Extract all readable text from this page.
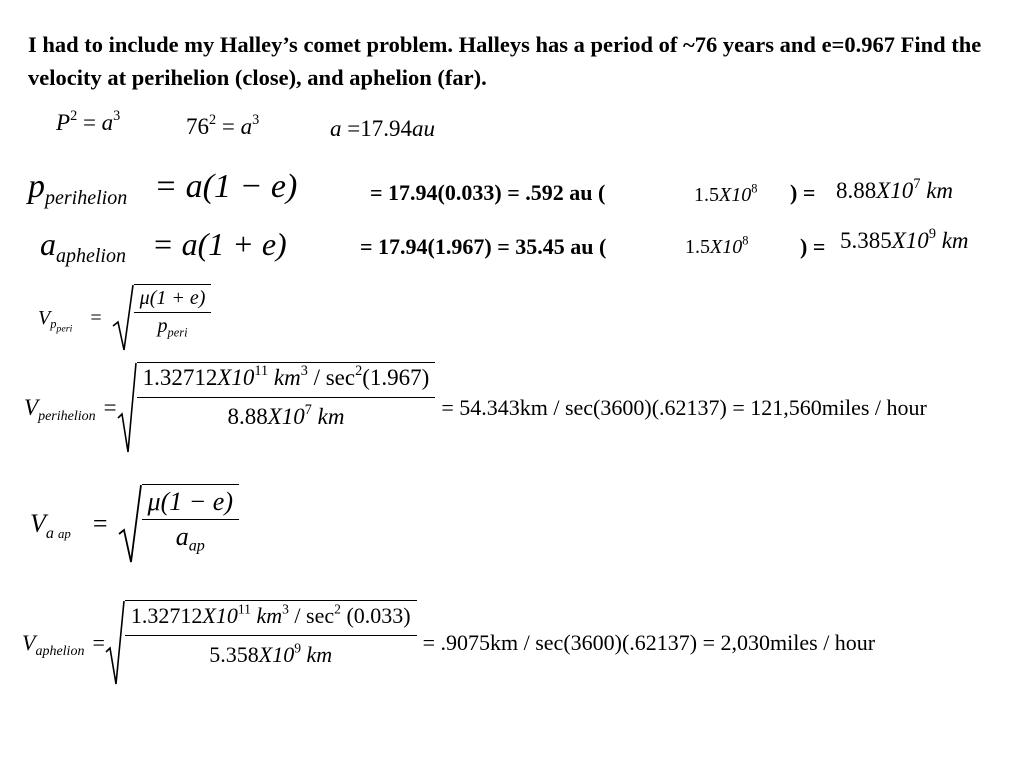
I had to include my Halley’s comet problem. Halleys has a period of ~76 years and e=0.967 Find the velocity at perihelion (close), and aphelion (far).
$P^2 = a^3$	$76^2 = a^3$	a =17.94au
$p_{perihelion} = a(1 - e)$	= 17.94(0.033) = .592 au (	$1.5X10^8$ ) = $8.88X10^7$ km
$a_{aphelion} = a(1 + e)$	= 17.94(1.967) = 35.45 au (	$1.5X10^8$ ) = $5.385X10^9$ km
$V_{p_{peri}}$
= $\frac{\mu(1 + e)}{p_{peri}}$
$V_{perihelion} = \frac{1.32712X10^{11} km^3 / \sec^2(1.967)}{8.88X10^7 km} = 54.343km / \sec(3600)(.62137)$ = 121,560miles / hour
$V_{a ap} = \frac{\mu(1 - e)}{a_{ap}}$
$V_{aphelion} = \frac{1.32712X10^{11} km^3 / \sec^2 (0.033)}{5.358X10^9 km} = .9075km / \sec(3600)(.62137)$ = 2,030miles / hour
